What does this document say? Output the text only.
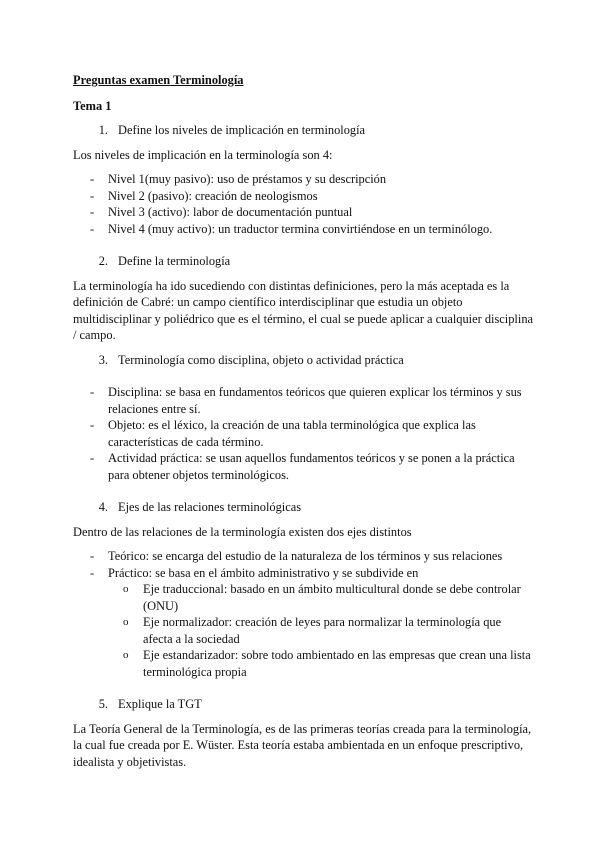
Preguntas examen Terminología
Tema 1
1. Define los niveles de implicación en terminología

Los niveles de implicación en la terminología son 4:

- Nivel 1(muy pasivo): uso de préstamos y su descripción
- Nivel 2 (pasivo): creación de neologismos
- Nivel 3 (activo): labor de documentación puntual
- Nivel 4 (muy activo): un traductor termina convirtiéndose en un terminólogo.
2. Define la terminología

La terminología ha ido sucediendo con distintas definiciones, pero la más aceptada es la definición de Cabré: un campo científico interdisciplinar que estudia un objeto multidisciplinar y poliédrico que es el término, el cual se puede aplicar a cualquier disciplina / campo.

3. Terminología como disciplina, objeto o actividad práctica
- Disciplina: se basa en fundamentos teóricos que quieren explicar los términos y sus relaciones entre sí.
- Objeto: es el léxico, la creación de una tabla terminológica que explica las características de cada término.
- Actividad práctica: se usan aquellos fundamentos teóricos y se ponen a la práctica para obtener objetos terminológicos.
4. Ejes de las relaciones terminológicas

Dentro de las relaciones de la terminología existen dos ejes distintos

- Teórico: se encarga del estudio de la naturaleza de los términos y sus relaciones
- Práctico: se basa en el ámbito administrativo y se subdivide en
o Eje traduccional: basado en un ámbito multicultural donde se debe controlar (ONU)
o Eje normalizador: creación de leyes para normalizar la terminología que afecta a la sociedad
o Eje estandarizador: sobre todo ambientado en las empresas que crean una lista terminológica propia
5. Explique la TGT

La Teoría General de la Terminología, es de las primeras teorías creada para la terminología, la cual fue creada por E. Wüster. Esta teoría estaba ambientada en un enfoque prescriptivo, idealista y objetivistas.
